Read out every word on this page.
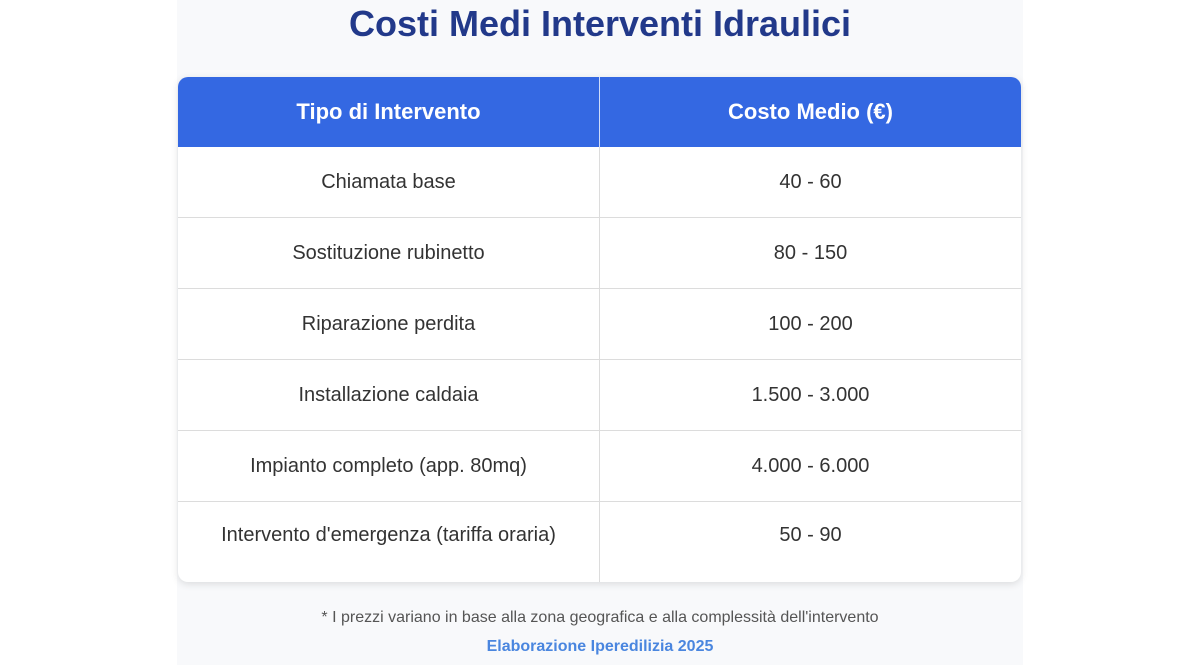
Costi Medi Interventi Idraulici
Tipo di Intervento	Costo Medio (€)
Chiamata base	40 - 60
Sostituzione rubinetto	80 - 150
Riparazione perdita	100 - 200
Installazione caldaia	1.500 - 3.000
Impianto completo (app. 80mq)	4.000 - 6.000
Intervento d'emergenza (tariffa oraria)	50 - 90

* I prezzi variano in base alla zona geografica e alla complessità dell'intervento

Elaborazione Iperedilizia 2025
